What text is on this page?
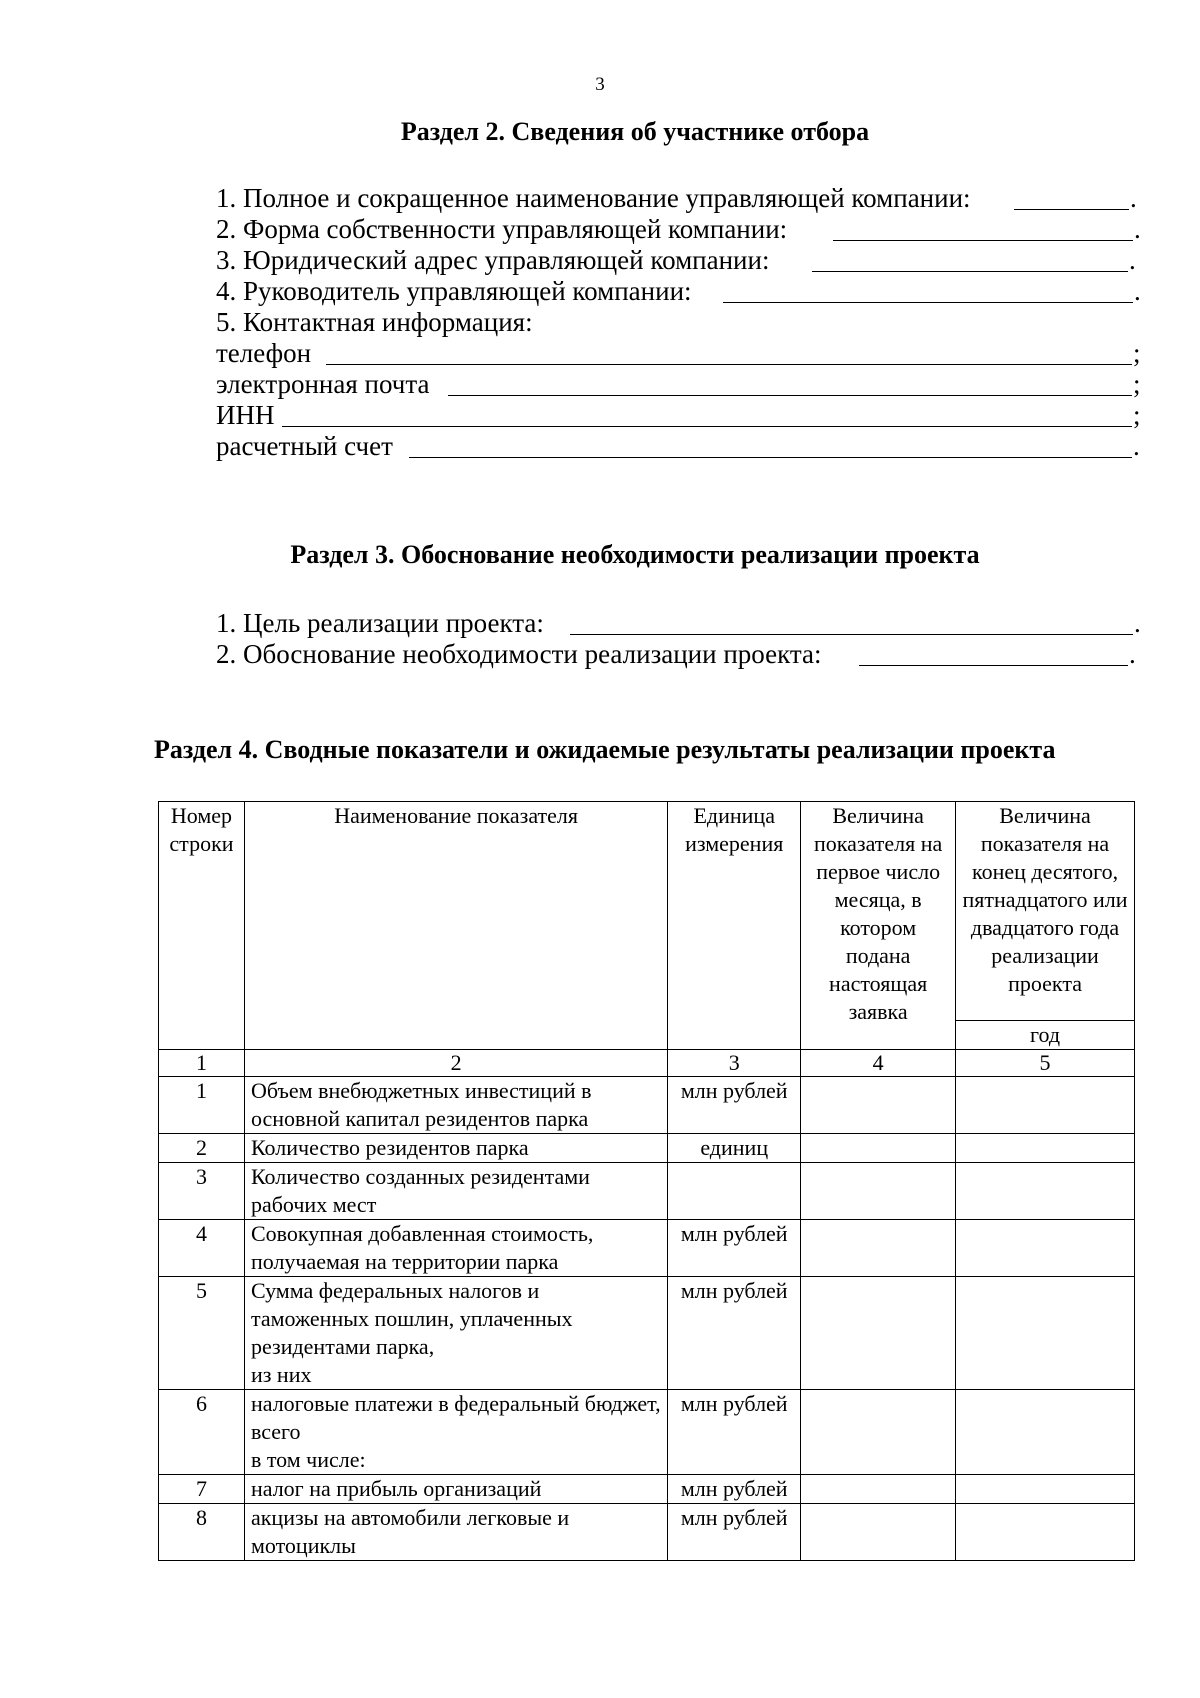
3
Раздел 2. Сведения об участнике отбора
1. Полное и сокращенное наименование управляющей компании:	.
2. Форма собственности управляющей компании:	.
3. Юридический адрес управляющей компании:	.
4. Руководитель управляющей компании:	.
5. Контактная информация:
телефон	;
электронная почта	;
ИНН	;
расчетный счет	.
Раздел 3. Обоснование необходимости реализации проекта
1. Цель реализации проекта:	.
2. Обоснование необходимости реализации проекта:	.
Раздел 4. Сводные показатели и ожидаемые результаты реализации проекта
Номер строки	Наименование показателя	Единица измерения	Величина показателя на первое число месяца, в котором подана настоящая заявка	Величина показателя на конец десятого, пятнадцатого или двадцатого года реализации проекта
				год
1	2	3	4	5
1	Объем внебюджетных инвестиций в основной капитал резидентов парка	млн рублей		
2	Количество резидентов парка	единиц		
3	Количество созданных резидентами рабочих мест			
4	Совокупная добавленная стоимость, получаемая на территории парка	млн рублей		
5	Сумма федеральных налогов и таможенных пошлин, уплаченных резидентами парка,
из них	млн рублей		
6	налоговые платежи в федеральный бюджет, всего
в том числе:	млн рублей		
7	налог на прибыль организаций	млн рублей		
8	акцизы на автомобили легковые и мотоциклы	млн рублей		
